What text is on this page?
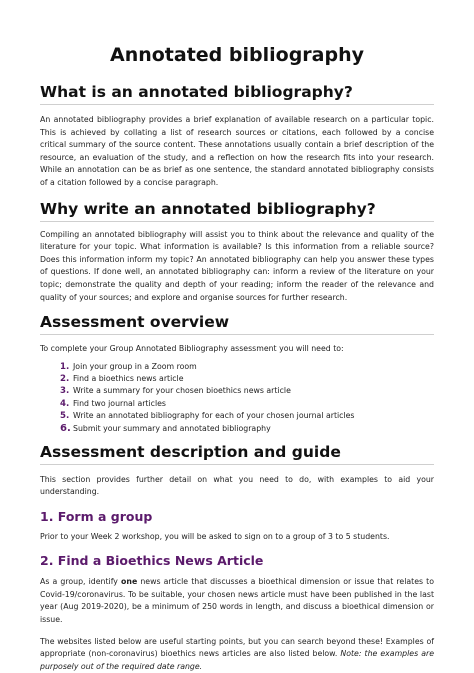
Annotated bibliography
What is an annotated bibliography?

An annotated bibliography provides a brief explanation of available research on a particular topic. This is achieved by collating a list of research sources or citations, each followed by a concise critical summary of the source content. These annotations usually contain a brief description of the resource, an evaluation of the study, and a reflection on how the research fits into your research. While an annotation can be as brief as one sentence, the standard annotated bibliography consists of a citation followed by a concise paragraph.

Why write an annotated bibliography?

Compiling an annotated bibliography will assist you to think about the relevance and quality of the literature for your topic. What information is available? Is this information from a reliable source? Does this information inform my topic? An annotated bibliography can help you answer these types of questions. If done well, an annotated bibliography can: inform a review of the literature on your topic; demonstrate the quality and depth of your reading; inform the reader of the relevance and quality of your sources; and explore and organise sources for further research.

Assessment overview

To complete your Group Annotated Bibliography assessment you will need to:

1. Join your group in a Zoom room
2. Find a bioethics news article
3. Write a summary for your chosen bioethics news article
4. Find two journal articles
5. Write an annotated bibliography for each of your chosen journal articles
6. Submit your summary and annotated bibliography
Assessment description and guide

This section provides further detail on what you need to do, with examples to aid your understanding.

1. Form a group

Prior to your Week 2 workshop, you will be asked to sign on to a group of 3 to 5 students.

2. Find a Bioethics News Article

As a group, identify one news article that discusses a bioethical dimension or issue that relates to Covid-19/coronavirus. To be suitable, your chosen news article must have been published in the last year (Aug 2019-2020), be a minimum of 250 words in length, and discuss a bioethical dimension or issue.

The websites listed below are useful starting points, but you can search beyond these! Examples of appropriate (non-coronavirus) bioethics news articles are also listed below. Note: the examples are purposely out of the required date range.
